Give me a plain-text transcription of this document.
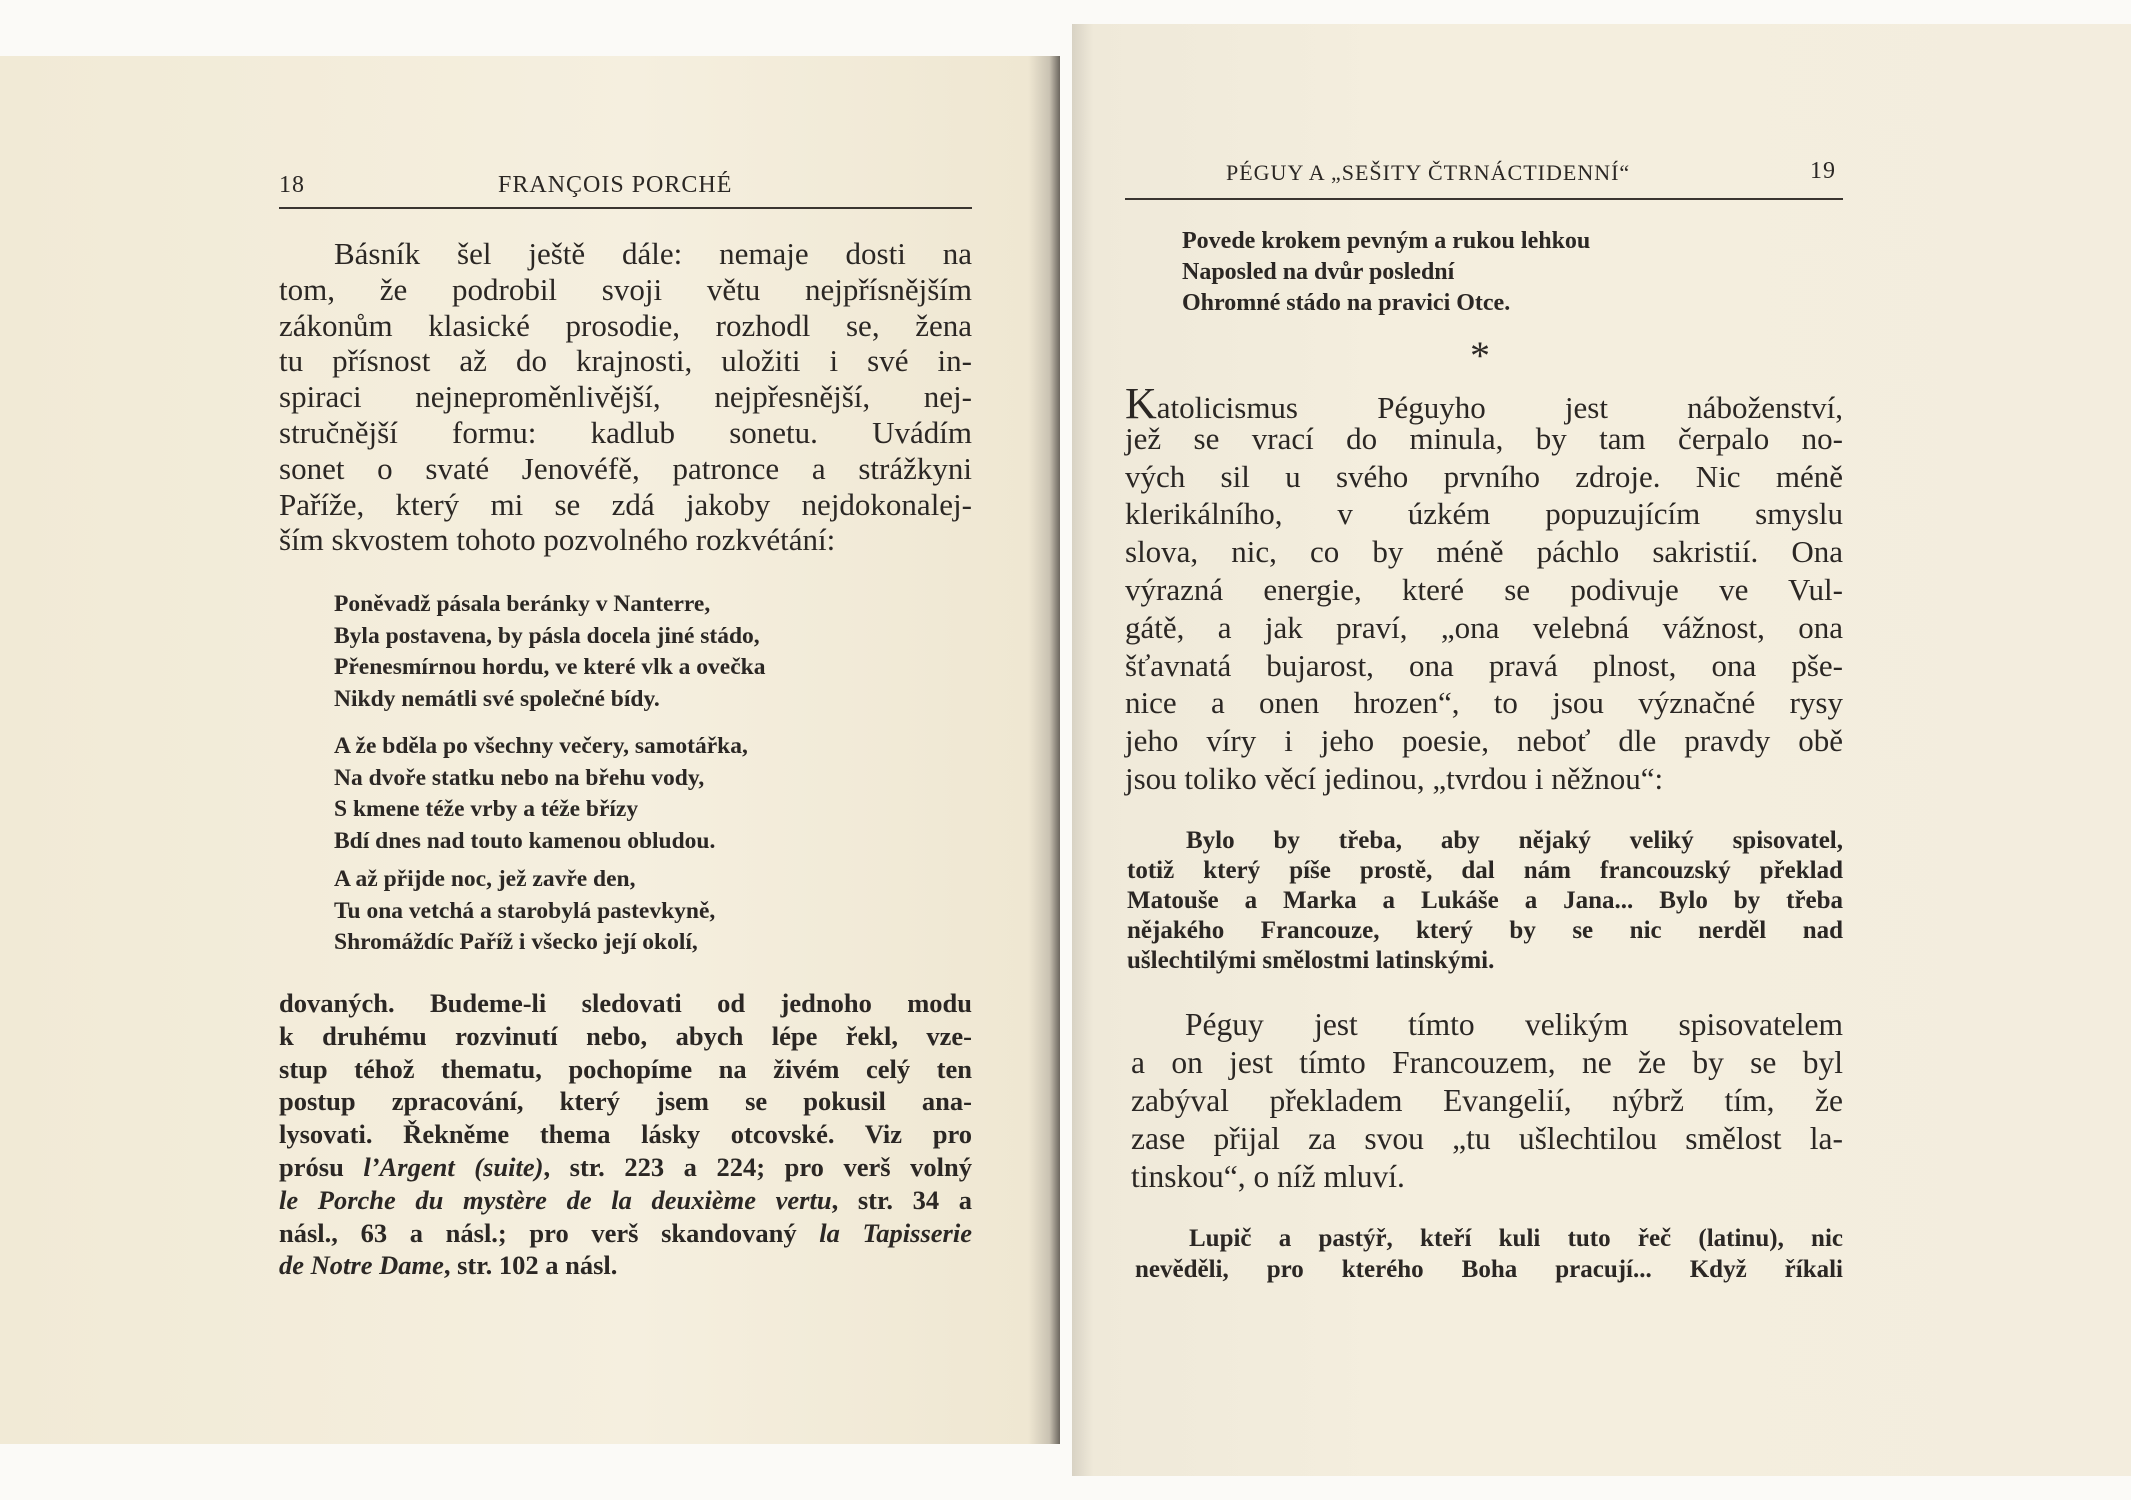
18	FRANÇOIS PORCHÉ	PÉGUY A „SEŠITY ČTRNÁCTIDENNÍ“	19
*
Básník šel ještě dále: nemaje dosti na
tom, že podrobil svoji větu nejpřísnějším
zákonům klasické prosodie, rozhodl se, žena
tu přísnost až do krajnosti, uložiti i své in-
spiraci nejneproměnlivější, nejpřesnější, nej-
stručnější formu: kadlub sonetu. Uvádím
sonet o svaté Jenovéfě, patronce a strážkyni
Paříže, který mi se zdá jakoby nejdokonalej-
ším skvostem tohoto pozvolného rozkvétání:
Poněvadž pásala beránky v Nanterre,
Byla postavena, by pásla docela jiné stádo,
Přenesmírnou hordu, ve které vlk a ovečka
Nikdy nemátli své společné bídy.
A že bděla po všechny večery, samotářka,
Na dvoře statku nebo na břehu vody,
S kmene téže vrby a téže břízy
Bdí dnes nad touto kamenou obludou.
A až přijde noc, jež zavře den,
Tu ona vetchá a starobylá pastevkyně,
Shromáždíc Paříž i všecko její okolí,
dovaných. Budeme-li sledovati od jednoho modu
k druhému rozvinutí nebo, abych lépe řekl, vze-
stup téhož thematu, pochopíme na živém celý ten
postup zpracování, který jsem se pokusil ana-
lysovati. Řekněme thema lásky otcovské. Viz pro
prósu l’Argent (suite), str. 223 a 224; pro verš volný
le Porche du mystère de la deuxième vertu, str. 34 a
násl., 63 a násl.; pro verš skandovaný la Tapisserie
de Notre Dame, str. 102 a násl.
Povede krokem pevným a rukou lehkou
Naposled na dvůr poslední
Ohromné stádo na pravici Otce.
Katolicismus Péguyho jest náboženství,
jež se vrací do minula, by tam čerpalo no-
vých sil u svého prvního zdroje. Nic méně
klerikálního, v úzkém popuzujícím smyslu
slova, nic, co by méně páchlo sakristií. Ona
výrazná energie, které se podivuje ve Vul-
gátě, a jak praví, „ona velebná vážnost, ona
šťavnatá bujarost, ona pravá plnost, ona pše-
nice a onen hrozen“, to jsou význačné rysy
jeho víry i jeho poesie, neboť dle pravdy obě
jsou toliko věcí jedinou, „tvrdou i něžnou“:
Bylo by třeba, aby nějaký veliký spisovatel,
totiž který píše prostě, dal nám francouzský překlad
Matouše a Marka a Lukáše a Jana... Bylo by třeba
nějakého Francouze, který by se nic nerděl nad
ušlechtilými smělostmi latinskými.
Péguy jest tímto velikým spisovatelem
a on jest tímto Francouzem, ne že by se byl
zabýval překladem Evangelií, nýbrž tím, že
zase přijal za svou „tu ušlechtilou smělost la-
tinskou“, o níž mluví.
Lupič a pastýř, kteří kuli tuto řeč (latinu), nic
nevěděli, pro kterého Boha pracují... Když říkali
